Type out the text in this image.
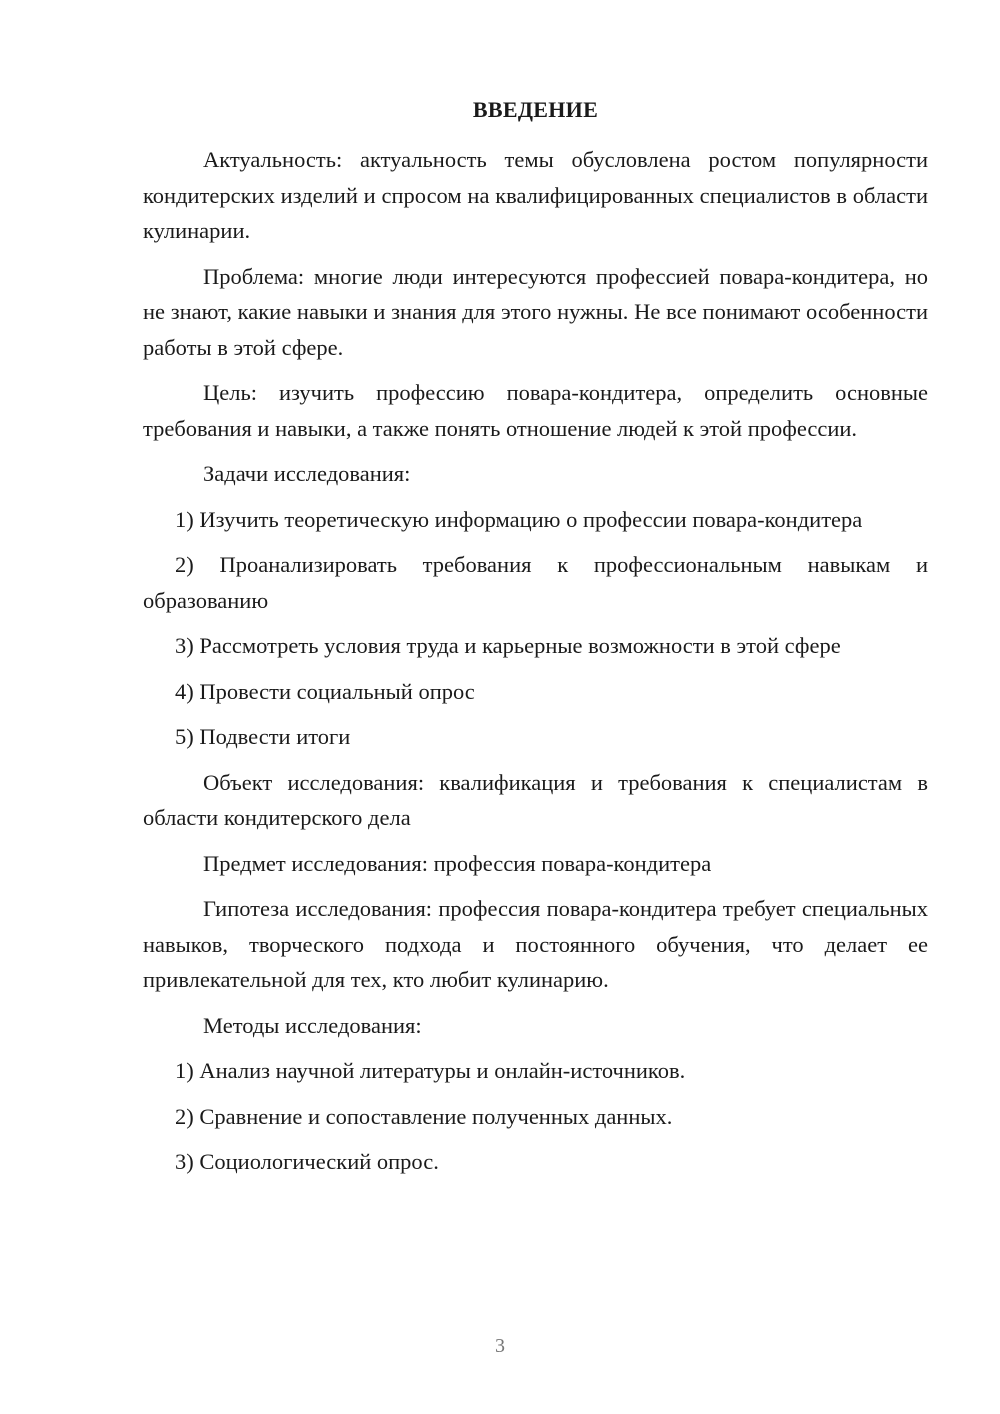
ВВЕДЕНИЕ

Актуальность: актуальность темы обусловлена ростом популярности кондитерских изделий и спросом на квалифицированных специалистов в области кулинарии.

Проблема: многие люди интересуются профессией повара-кондитера, но не знают, какие навыки и знания для этого нужны. Не все понимают особенности работы в этой сфере.

Цель: изучить профессию повара-кондитера, определить основные требования и навыки, а также понять отношение людей к этой профессии.

Задачи исследования:

1) Изучить теоретическую информацию о профессии повара-кондитера

2) Проанализировать требования к профессиональным навыкам и образованию

3) Рассмотреть условия труда и карьерные возможности в этой сфере

4) Провести социальный опрос

5) Подвести итоги

Объект исследования: квалификация и требования к специалистам в области кондитерского дела

Предмет исследования: профессия повара-кондитера

Гипотеза исследования: профессия повара-кондитера требует специальных навыков, творческого подхода и постоянного обучения, что делает ее привлекательной для тех, кто любит кулинарию.

Методы исследования:

1) Анализ научной литературы и онлайн-источников.

2) Сравнение и сопоставление полученных данных.

3) Социологический опрос.

3
